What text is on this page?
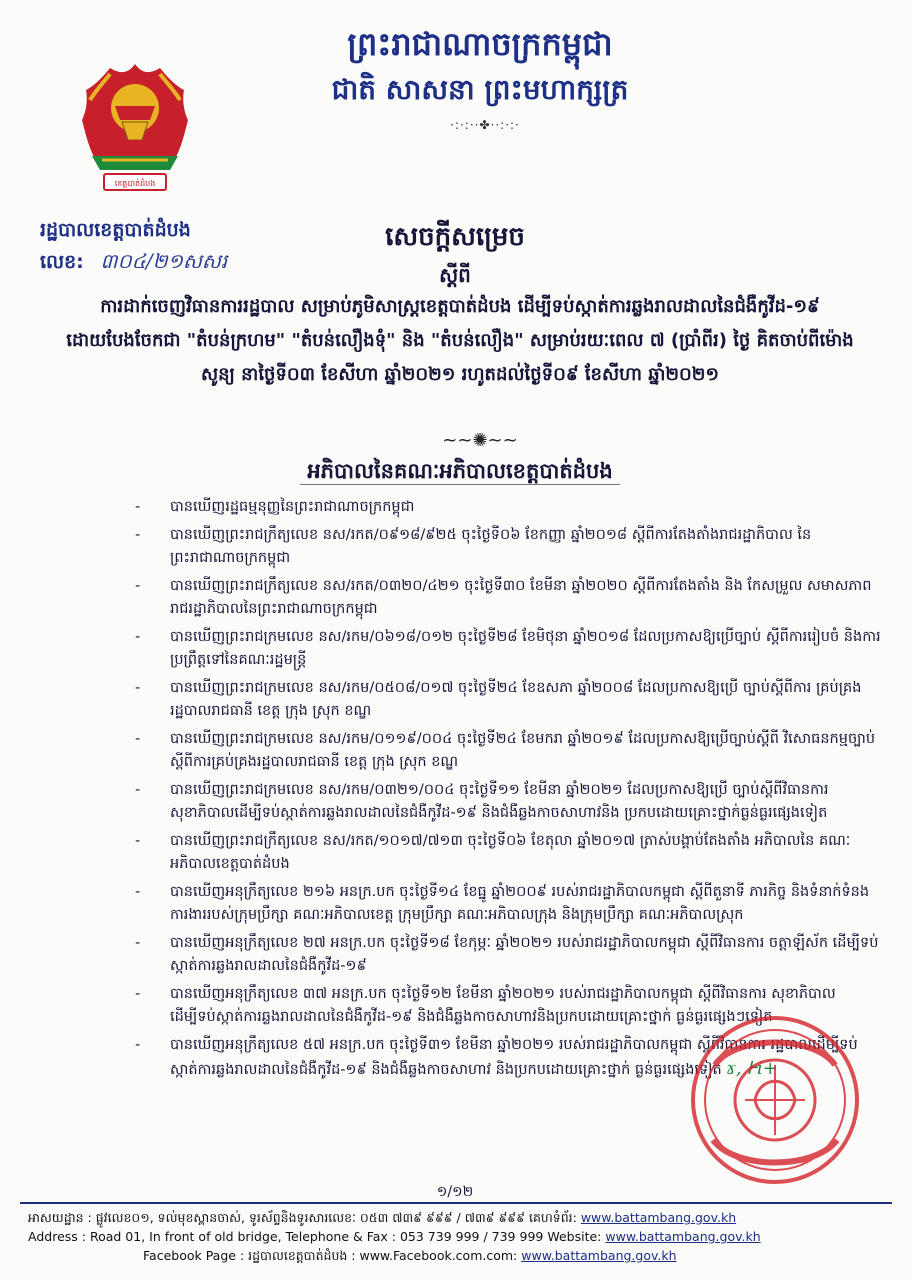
ព្រះរាជាណាចក្រកម្ពុជា
ជាតិ សាសនា ព្រះមហាក្សត្រ
·:·:··✤··:·:·
ខេត្តបាត់ដំបង
រដ្ឋបាលខេត្តបាត់ដំបង
លេខ: ៣០៤/២១សសរ
សេចក្តីសម្រេច
ស្តីពី
ការដាក់ចេញវិធានការរដ្ឋបាល សម្រាប់ភូមិសាស្ត្រខេត្តបាត់ដំបង ដើម្បីទប់ស្កាត់ការឆ្លងរាលដាលនៃជំងឺកូវីដ-១៩ ដោយបែងចែកជា "តំបន់ក្រហម" "តំបន់លឿងទុំ" និង "តំបន់លឿង" សម្រាប់រយៈពេល ៧ (ប្រាំពីរ) ថ្ងៃ គិតចាប់ពីម៉ោងសូន្យ នាថ្ងៃទី០៣ ខែសីហា ឆ្នាំ២០២១ រហូតដល់ថ្ងៃទី០៩ ខែសីហា ឆ្នាំ២០២១
~~✺~~
អភិបាលនៃគណៈអភិបាលខេត្តបាត់ដំបង
-	បានឃើញរដ្ឋធម្មនុញ្ញនៃព្រះរាជាណាចក្រកម្ពុជា
-	បានឃើញព្រះរាជក្រឹត្យលេខ នស/រកត/០៩១៨/៩២៥ ចុះថ្ងៃទី០៦ ខែកញ្ញា ឆ្នាំ២០១៨ ស្តីពីការតែងតាំងរាជរដ្ឋាភិបាល នៃព្រះរាជាណាចក្រកម្ពុជា
-	បានឃើញព្រះរាជក្រឹត្យលេខ នស/រកត/០៣២០/៤២១ ចុះថ្ងៃទី៣០ ខែមីនា ឆ្នាំ២០២០ ស្តីពីការតែងតាំង និង កែសម្រួល សមាសភាពរាជរដ្ឋាភិបាលនៃព្រះរាជាណាចក្រកម្ពុជា
-	បានឃើញព្រះរាជក្រមលេខ នស/រកម/០៦១៨/០១២ ចុះថ្ងៃទី២៨ ខែមិថុនា ឆ្នាំ២០១៨ ដែលប្រកាសឱ្យប្រើច្បាប់ ស្តីពីការរៀបចំ និងការប្រព្រឹត្តទៅនៃគណៈរដ្ឋមន្ត្រី
-	បានឃើញព្រះរាជក្រមលេខ នស/រកម/០៥០៨/០១៧ ចុះថ្ងៃទី២៤ ខែឧសភា ឆ្នាំ២០០៨ ដែលប្រកាសឱ្យប្រើ ច្បាប់ស្តីពីការ គ្រប់គ្រងរដ្ឋបាលរាជធានី ខេត្ត ក្រុង ស្រុក ខណ្ឌ
-	បានឃើញព្រះរាជក្រមលេខ នស/រកម/០១១៩/០០៤ ចុះថ្ងៃទី២៤ ខែមករា ឆ្នាំ២០១៩ ដែលប្រកាសឱ្យប្រើច្បាប់ស្តីពី វិសោធនកម្មច្បាប់ ស្តីពីការគ្រប់គ្រងរដ្ឋបាលរាជធានី ខេត្ត ក្រុង ស្រុក ខណ្ឌ
-	បានឃើញព្រះរាជក្រមលេខ នស/រកម/០៣២១/០០៤ ចុះថ្ងៃទី១១ ខែមីនា ឆ្នាំ២០២១ ដែលប្រកាសឱ្យប្រើ ច្បាប់ស្តីពីវិធានការសុខាភិបាលដើម្បីទប់ស្កាត់ការឆ្លងរាលដាលនៃជំងឺកូវីដ-១៩ និងជំងឺឆ្លងកាចសាហាវនិង ប្រកបដោយគ្រោះថ្នាក់ធ្ងន់ធ្ងរផ្សេងទៀត
-	បានឃើញព្រះរាជក្រឹត្យលេខ នស/រកត/១០១៧/៧១៣ ចុះថ្ងៃទី០៦ ខែតុលា ឆ្នាំ២០១៧ ត្រាស់បង្គាប់តែងតាំង អភិបាលនៃ គណៈអភិបាលខេត្តបាត់ដំបង
-	បានឃើញអនុក្រឹត្យលេខ ២១៦ អនក្រ.បក ចុះថ្ងៃទី១៤ ខែធ្នូ ឆ្នាំ២០០៩ របស់រាជរដ្ឋាភិបាលកម្ពុជា ស្តីពីតួនាទី ភារកិច្ច និងទំនាក់ទំនងការងាររបស់ក្រុមប្រឹក្សា គណៈអភិបាលខេត្ត ក្រុមប្រឹក្សា គណៈអភិបាលក្រុង និងក្រុមប្រឹក្សា គណៈអភិបាលស្រុក
-	បានឃើញអនុក្រឹត្យលេខ ២៧ អនក្រ.បក ចុះថ្ងៃទី១៨ ខែកុម្ភៈ ឆ្នាំ២០២១ របស់រាជរដ្ឋាភិបាលកម្ពុជា ស្តីពីវិធានការ ចត្តាឡីស័ក ដើម្បីទប់ស្កាត់ការឆ្លងរាលដាលនៃជំងឺកូវីដ-១៩
-	បានឃើញអនុក្រឹត្យលេខ ៣៧ អនក្រ.បក ចុះថ្ងៃទី១២ ខែមីនា ឆ្នាំ២០២១ របស់រាជរដ្ឋាភិបាលកម្ពុជា ស្តីពីវិធានការ សុខាភិបាល ដើម្បីទប់ស្កាត់ការឆ្លងរាលដាលនៃជំងឺកូវីដ-១៩ និងជំងឺឆ្លងកាចសាហាវនិងប្រកបដោយគ្រោះថ្នាក់ ធ្ងន់ធ្ងរផ្សេងៗទៀត
-	បានឃើញអនុក្រឹត្យលេខ ៥៧ អនក្រ.បក ចុះថ្ងៃទី៣១ ខែមីនា ឆ្នាំ២០២១ របស់រាជរដ្ឋាភិបាលកម្ពុជា ស្តីពីវិធានការ រដ្ឋបាលដើម្បីទប់ស្កាត់ការឆ្លងរាលដាលនៃជំងឺកូវីដ-១៩ និងជំងឺឆ្លងកាចសាហាវ និងប្រកបដោយគ្រោះថ្នាក់ ធ្ងន់ធ្ងរផ្សេងទៀត ɤ, Ꮀi+
១/១២
អាសយដ្ឋាន : ផ្លូវលេខ០១, ទល់មុខស្ពានចាស់, ទូរស័ព្ទនិងទូរសារលេខៈ ០៥៣ ៧៣៩ ៩៩៩ / ៧៣៩ ៩៩៩ គេហទំព័រ: www.battambang.gov.kh
Address : Road 01, In front of old bridge, Telephone & Fax : 053 739 999 / 739 999 Website: www.battambang.gov.kh
Facebook Page : រដ្ឋបាលខេត្តបាត់ដំបង : www.Facebook.com.com: www.battambang.gov.kh
